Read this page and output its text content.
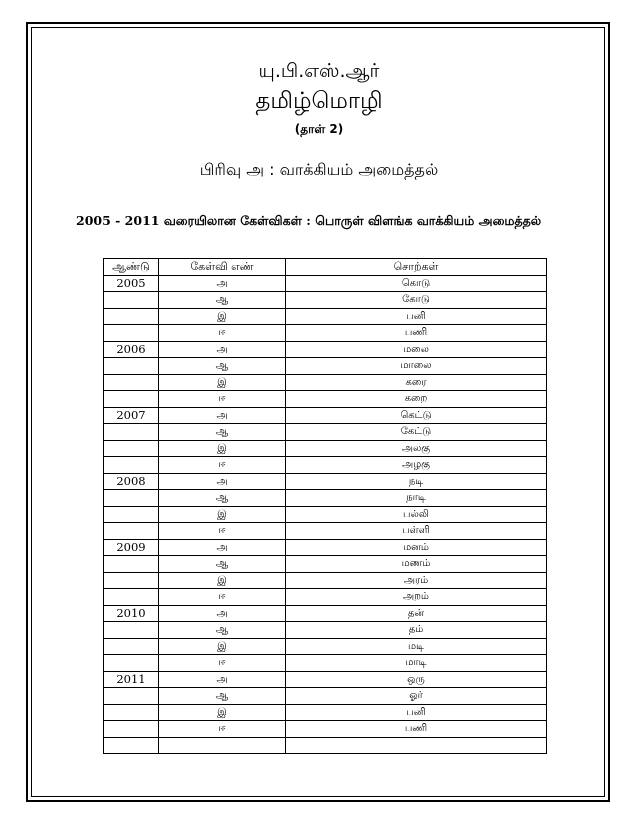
யு.பி.எஸ்.ஆர்
தமிழ்மொழி
(தாள் 2)
பிரிவு அ : வாக்கியம் அமைத்தல்
2005 - 2011 வரையிலான கேள்விகள் : பொருள் விளங்க வாக்கியம் அமைத்தல்
ஆண்டு	கேள்வி எண்	சொற்கள்
2005	அ	கொடு
	ஆ	கோடு
	இ	பனி
	ஈ	பணி
2006	அ	மலை
	ஆ	மாலை
	இ	கரை
	ஈ	கறை
2007	அ	கெட்டு
	ஆ	கேட்டு
	இ	அலகு
	ஈ	அழகு
2008	அ	நடி
	ஆ	நாடி
	இ	பல்லி
	ஈ	பள்ளி
2009	அ	மனம்
	ஆ	மணம்
	இ	அரம்
	ஈ	அறம்
2010	அ	தன்
	ஆ	தம்
	இ	மடி
	ஈ	மாடி
2011	அ	ஒரு
	ஆ	ஓர்
	இ	பனி
	ஈ	பணி
